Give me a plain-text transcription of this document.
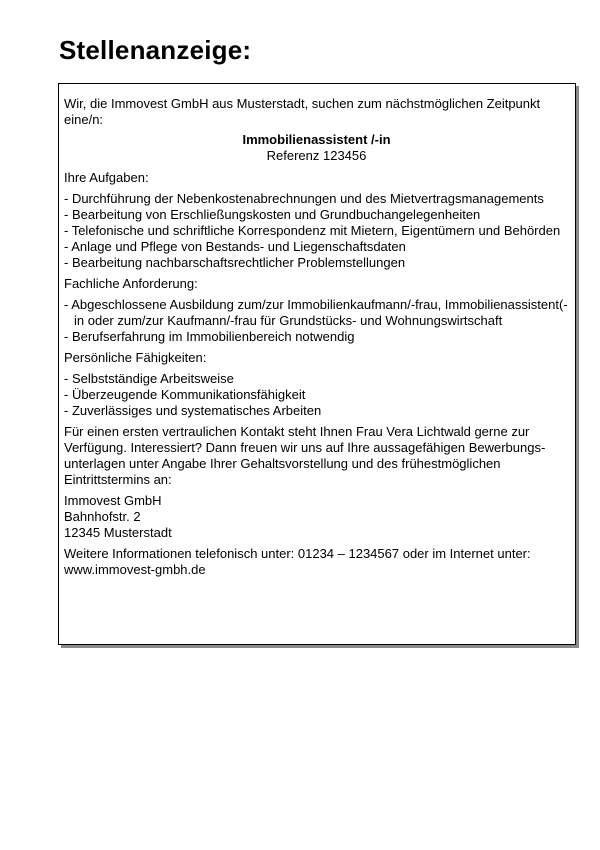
Stellenanzeige:

Wir, die Immovest GmbH aus Musterstadt, suchen zum nächstmöglichen Zeitpunkt eine/n:

Immobilienassistent /-in

Referenz 123456

Ihre Aufgaben:

- Durchführung der Nebenkostenabrechnungen und des Mietvertragsmanagements
- Bearbeitung von Erschließungskosten und Grundbuchangelegenheiten
- Telefonische und schriftliche Korrespondenz mit Mietern, Eigentümern und Behörden
- Anlage und Pflege von Bestands- und Liegenschaftsdaten
- Bearbeitung nachbarschaftsrechtlicher Problemstellungen

Fachliche Anforderung:

- Abgeschlossene Ausbildung zum/zur Immobilienkaufmann/-frau, Immobilienassistent(-in oder zum/zur Kaufmann/-frau für Grundstücks- und Wohnungswirtschaft
- Berufserfahrung im Immobilienbereich notwendig

Persönliche Fähigkeiten:

- Selbstständige Arbeitsweise
- Überzeugende Kommunikationsfähigkeit
- Zuverlässiges und systematisches Arbeiten

Für einen ersten vertraulichen Kontakt steht Ihnen Frau Vera Lichtwald gerne zur Verfügung. Interessiert? Dann freuen wir uns auf Ihre aussagefähigen Bewerbungs-unterlagen unter Angabe Ihrer Gehaltsvorstellung und des frühestmöglichen Eintrittstermins an:

Immovest GmbH
Bahnhofstr. 2
12345 Musterstadt

Weitere Informationen telefonisch unter: 01234 – 1234567 oder im Internet unter:
www.immovest-gmbh.de
